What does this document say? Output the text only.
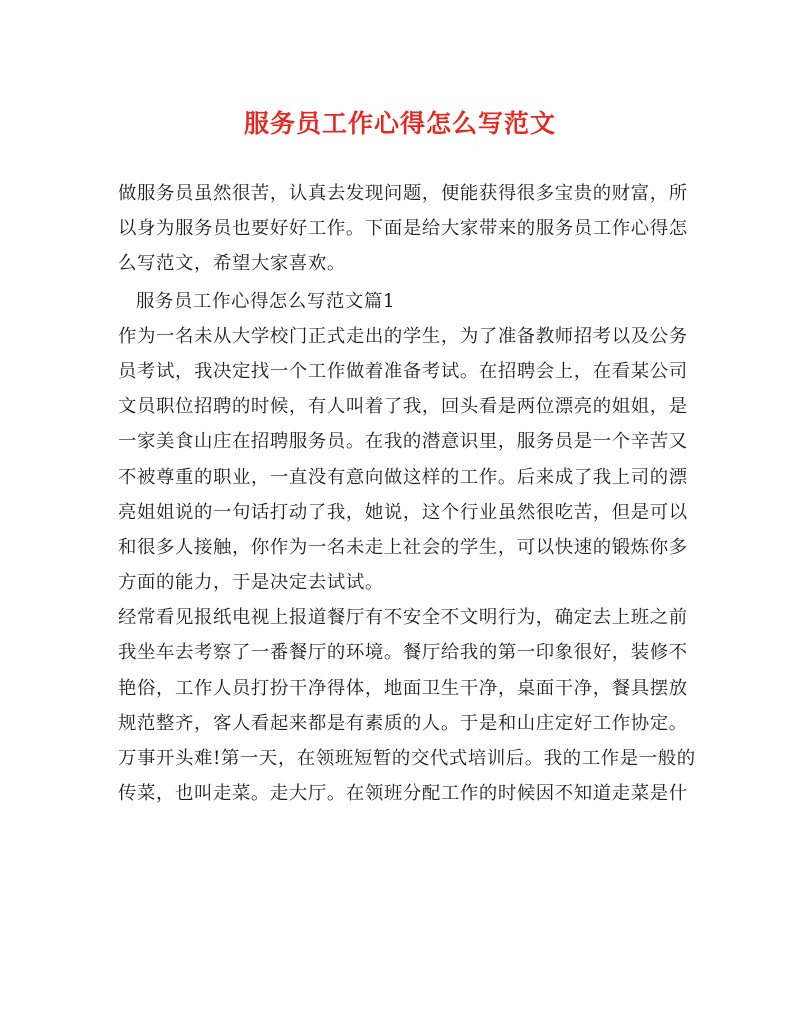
服务员工作心得怎么写范文
做服务员虽然很苦，认真去发现问题，便能获得很多宝贵的财富，所
以身为服务员也要好好工作。下面是给大家带来的服务员工作心得怎
么写范文，希望大家喜欢。
服务员工作心得怎么写范文篇1
作为一名未从大学校门正式走出的学生，为了准备教师招考以及公务
员考试，我决定找一个工作做着准备考试。在招聘会上，在看某公司
文员职位招聘的时候，有人叫着了我，回头看是两位漂亮的姐姐，是
一家美食山庄在招聘服务员。在我的潜意识里，服务员是一个辛苦又
不被尊重的职业，一直没有意向做这样的工作。后来成了我上司的漂
亮姐姐说的一句话打动了我，她说，这个行业虽然很吃苦，但是可以
和很多人接触，你作为一名未走上社会的学生，可以快速的锻炼你多
方面的能力，于是决定去试试。
经常看见报纸电视上报道餐厅有不安全不文明行为，确定去上班之前
我坐车去考察了一番餐厅的环境。餐厅给我的第一印象很好，装修不
艳俗，工作人员打扮干净得体，地面卫生干净，桌面干净，餐具摆放
规范整齐，客人看起来都是有素质的人。于是和山庄定好工作协定。
万事开头难!第一天，在领班短暂的交代式培训后。我的工作是一般的
传菜，也叫走菜。走大厅。在领班分配工作的时候因不知道走菜是什
